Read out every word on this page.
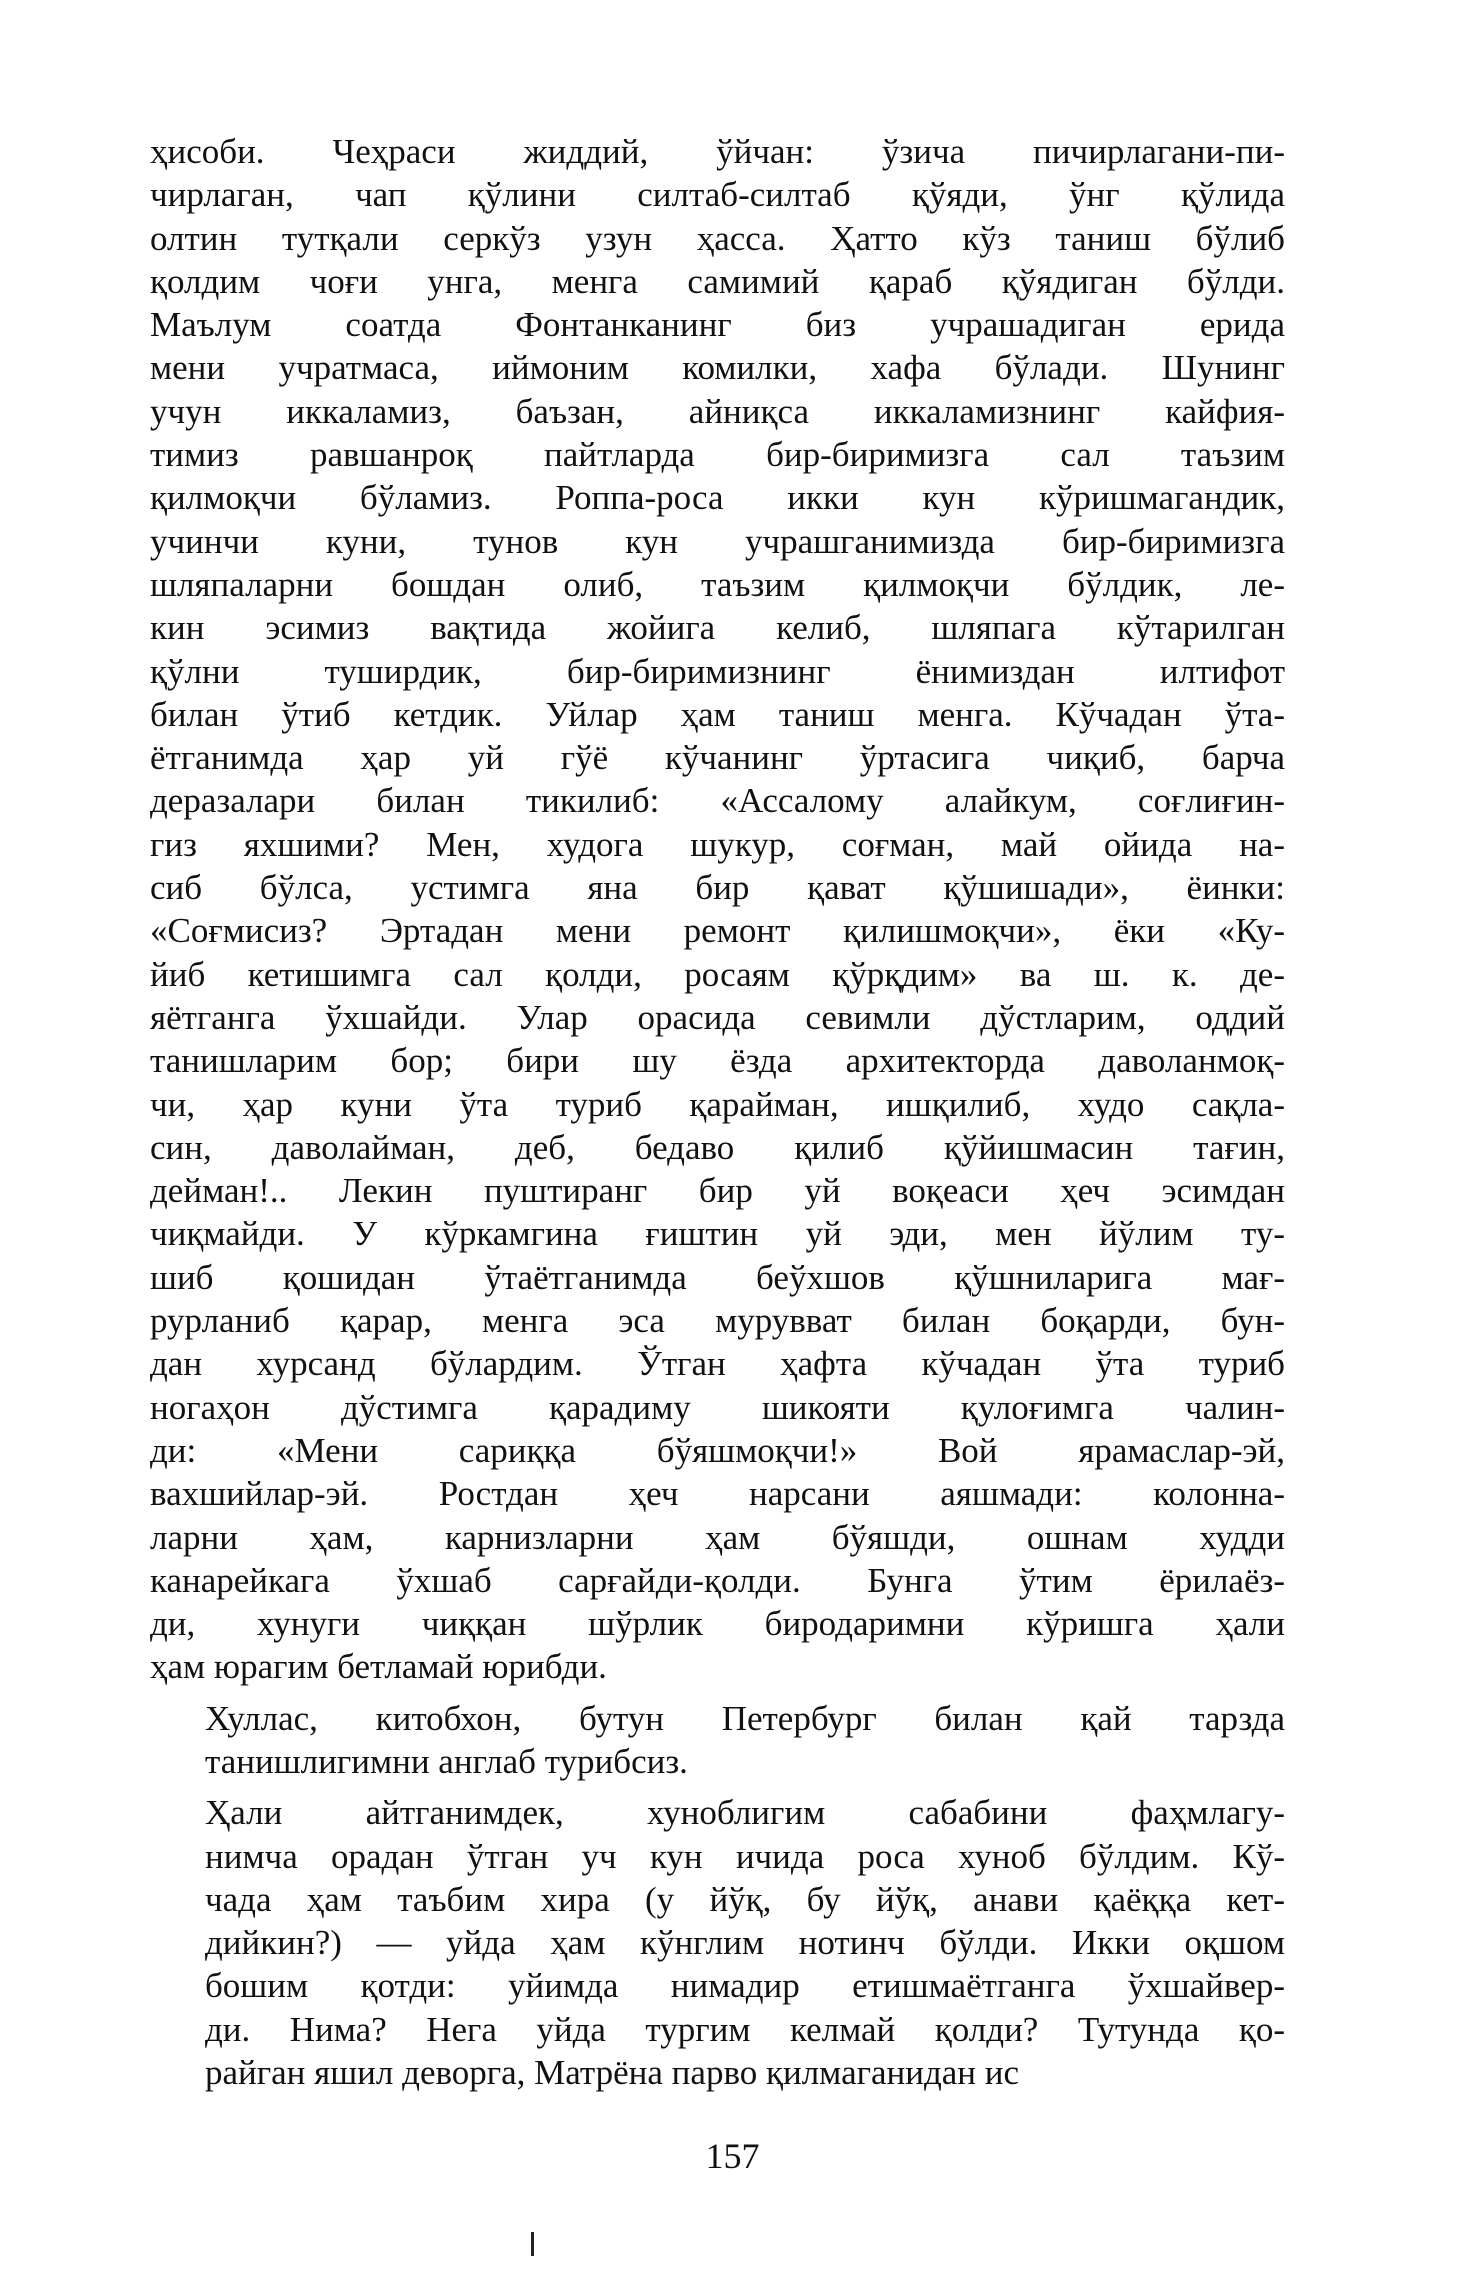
ҳисоби. Чеҳраси жиддий, ўйчан: ўзича пичирлагани-пи-
чирлаган, чап қўлини силтаб-силтаб қўяди, ўнг қўлида
олтин тутқали серкўз узун ҳасса. Ҳатто кўз таниш бўлиб
қолдим чоғи унга, менга самимий қараб қўядиган бўлди.
Маълум соатда Фонтанканинг биз учрашадиган ерида
мени учратмаса, иймоним комилки, хафа бўлади. Шунинг
учун иккаламиз, баъзан, айниқса иккаламизнинг кайфия-
тимиз равшанроқ пайтларда бир-биримизга сал таъзим
қилмоқчи бўламиз. Роппа-роса икки кун кўришмагандик,
учинчи куни, тунов кун учрашганимизда бир-биримизга
шляпаларни бошдан олиб, таъзим қилмоқчи бўлдик, ле-
кин эсимиз вақтида жойига келиб, шляпага кўтарилган
қўлни туширдик, бир-биримизнинг ёнимиздан илтифот
билан ўтиб кетдик. Уйлар ҳам таниш менга. Кўчадан ўта-
ётганимда ҳар уй гўё кўчанинг ўртасига чиқиб, барча
деразалари билан тикилиб: «Ассалому алайкум, соғлиғин-
гиз яхшими? Мен, худога шукур, соғман, май ойида на-
сиб бўлса, устимга яна бир қават қўшишади», ёинки:
«Соғмисиз? Эртадан мени ремонт қилишмоқчи», ёки «Ку-
йиб кетишимга сал қолди, росаям қўрқдим» ва ш. к. де-
яётганга ўхшайди. Улар орасида севимли дўстларим, оддий
танишларим бор; бири шу ёзда архитекторда даволанмоқ-
чи, ҳар куни ўта туриб қарайман, ишқилиб, худо сақла-
син, даволайман, деб, бедаво қилиб қўйишмасин тағин,
дейман!.. Лекин пуштиранг бир уй воқеаси ҳеч эсимдан
чиқмайди. У кўркамгина ғиштин уй эди, мен йўлим ту-
шиб қошидан ўтаётганимда беўхшов қўшниларига мағ-
рурланиб қарар, менга эса мурувват билан боқарди, бун-
дан хурсанд бўлардим. Ўтган ҳафта кўчадан ўта туриб
ногаҳон дўстимга қарадиму шикояти қулоғимга чалин-
ди: «Мени сариққа бўяшмоқчи!» Вой ярамаслар-эй,
вахшийлар-эй. Ростдан ҳеч нарсани аяшмади: колонна-
ларни ҳам, карнизларни ҳам бўяшди, ошнам худди
канарейкага ўхшаб сарғайди-қолди. Бунга ўтим ёрилаёз-
ди, хунуги чиққан шўрлик биродаримни кўришга ҳали
ҳам юрагим бетламай юрибди.
Хуллас, китобхон, бутун Петербург билан қай тарзда
танишлигимни англаб турибсиз.
Ҳали айтганимдек, хуноблигим сабабини фаҳмлагу-
нимча орадан ўтган уч кун ичида роса хуноб бўлдим. Кў-
чада ҳам таъбим хира (у йўқ, бу йўқ, анави қаёққа кет-
дийкин?) — уйда ҳам кўнглим нотинч бўлди. Икки оқшом
бошим қотди: уйимда нимадир етишмаётганга ўхшайвер-
ди. Нима? Нега уйда тургим келмай қолди? Тутунда қо-
райган яшил деворга, Матрёна парво қилмаганидан ис
157
